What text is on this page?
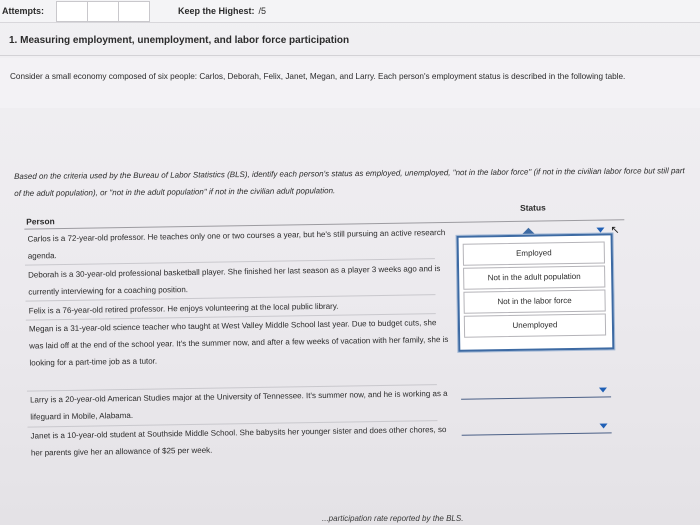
Attempts:	Keep the Highest: /5
1. Measuring employment, unemployment, and labor force participation
Consider a small economy composed of six people: Carlos, Deborah, Felix, Janet, Megan, and Larry. Each person's employment status is described in the following table.
Based on the criteria used by the Bureau of Labor Statistics (BLS), identify each person's status as employed, unemployed, "not in the labor force" (if not in the civilian labor force but still part of the adult population), or "not in the adult population" if not in the civilian adult population.
Person
Status
Carlos is a 72-year-old professor. He teaches only one or two courses a year, but he's still pursuing an active research agenda.
Deborah is a 30-year-old professional basketball player. She finished her last season as a player 3 weeks ago and is currently interviewing for a coaching position.
Felix is a 76-year-old retired professor. He enjoys volunteering at the local public library.
Megan is a 31-year-old science teacher who taught at West Valley Middle School last year. Due to budget cuts, she was laid off at the end of the school year. It's the summer now, and after a few weeks of vacation with her family, she is looking for a part-time job as a tutor.
Larry is a 20-year-old American Studies major at the University of Tennessee. It's summer now, and he is working as a lifeguard in Mobile, Alabama.
Janet is a 10-year-old student at Southside Middle School. She babysits her younger sister and does other chores, so her parents give her an allowance of $25 per week.
Employed
Not in the adult population
Not in the labor force
Unemployed
↖
...participation rate reported by the BLS.
